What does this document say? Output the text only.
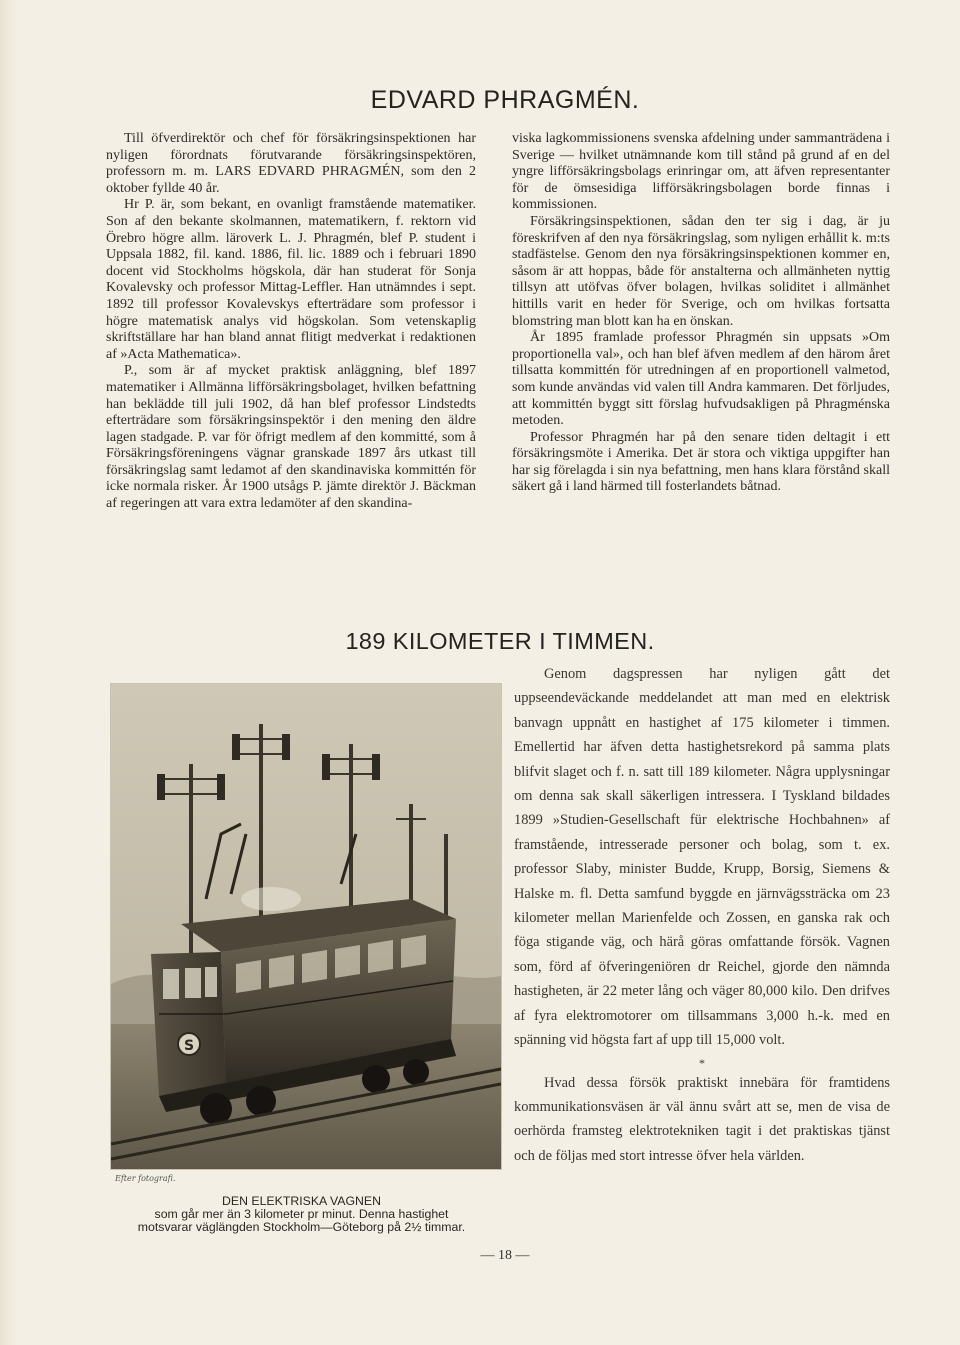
EDVARD PHRAGMÉN.

Till öfverdirektör och chef för försäkringsinspektionen har nyligen förordnats förutvarande försäkringsinspektören, professorn m. m. LARS EDVARD PHRAGMÉN, som den 2 oktober fyllde 40 år.

Hr P. är, som bekant, en ovanligt framstående matematiker. Son af den bekante skolmannen, matematikern, f. rektorn vid Örebro högre allm. läroverk L. J. Phragmén, blef P. student i Uppsala 1882, fil. kand. 1886, fil. lic. 1889 och i februari 1890 docent vid Stockholms högskola, där han studerat för Sonja Kovalevsky och professor Mittag-Leffler. Han utnämndes i sept. 1892 till professor Kovalevskys efterträdare som professor i högre matematisk analys vid högskolan. Som vetenskaplig skriftställare har han bland annat flitigt medverkat i redaktionen af »Acta Mathematica».

P., som är af mycket praktisk anläggning, blef 1897 matematiker i Allmänna lifförsäkringsbolaget, hvilken befattning han beklädde till juli 1902, då han blef professor Lindstedts efterträdare som försäkringsinspektör i den mening den äldre lagen stadgade. P. var för öfrigt medlem af den kommitté, som å Försäkringsföreningens vägnar granskade 1897 års utkast till försäkringslag samt ledamot af den skandinaviska kommittén för icke normala risker. År 1900 utsågs P. jämte direktör J. Bäckman af regeringen att vara extra ledamöter af den skandina-

viska lagkommissionens svenska afdelning under sammanträdena i Sverige — hvilket utnämnande kom till stånd på grund af en del yngre lifförsäkringsbolags erinringar om, att äfven representanter för de ömsesidiga lifförsäkringsbolagen borde finnas i kommissionen.

Försäkringsinspektionen, sådan den ter sig i dag, är ju föreskrifven af den nya försäkringslag, som nyligen erhållit k. m:ts stadfästelse. Genom den nya försäkringsinspektionen kommer en, såsom är att hoppas, både för anstalterna och allmänheten nyttig tillsyn att utöfvas öfver bolagen, hvilkas soliditet i allmänhet hittills varit en heder för Sverige, och om hvilkas fortsatta blomstring man blott kan ha en önskan.

År 1895 framlade professor Phragmén sin uppsats »Om proportionella val», och han blef äfven medlem af den härom året tillsatta kommittén för utredningen af en proportionell valmetod, som kunde användas vid valen till Andra kammaren. Det förljudes, att kommittén byggt sitt förslag hufvudsakligen på Phragménska metoden.

Professor Phragmén har på den senare tiden deltagit i ett försäkringsmöte i Amerika. Det är stora och viktiga uppgifter han har sig förelagda i sin nya befattning, men hans klara förstånd skall säkert gå i land härmed till fosterlandets båtnad.

189 KILOMETER I TIMMEN.
S
Efter fotografi.
DEN ELEKTRISKA VAGNEN
som går mer än 3 kilometer pr minut. Denna hastighet
motsvarar väglängden Stockholm—Göteborg på 2½ timmar.

Genom dagspressen har nyligen gått det uppseendeväckande meddelandet att man med en elektrisk banvagn uppnått en hastighet af 175 kilometer i timmen. Emellertid har äfven detta hastighetsrekord på samma plats blifvit slaget och f. n. satt till 189 kilometer. Några upplysningar om denna sak skall säkerligen intressera. I Tyskland bildades 1899 »Studien-Gesellschaft für elektrische Hochbahnen» af framstående, intresserade personer och bolag, som t. ex. professor Slaby, minister Budde, Krupp, Borsig, Siemens & Halske m. fl. Detta samfund byggde en järnvägssträcka om 23 kilometer mellan Marienfelde och Zossen, en ganska rak och föga stigande väg, och härå göras omfattande försök. Vagnen som, förd af öfveringeniören dr Reichel, gjorde den nämnda hastigheten, är 22 meter lång och väger 80,000 kilo. Den drifves af fyra elektromotorer om tillsammans 3,000 h.-k. med en spänning vid högsta fart af upp till 15,000 volt.

*

Hvad dessa försök praktiskt innebära för framtidens kommunikationsväsen är väl ännu svårt att se, men de visa de oerhörda framsteg elektrotekniken tagit i det praktiskas tjänst och de följas med stort intresse öfver hela världen.

— 18 —
